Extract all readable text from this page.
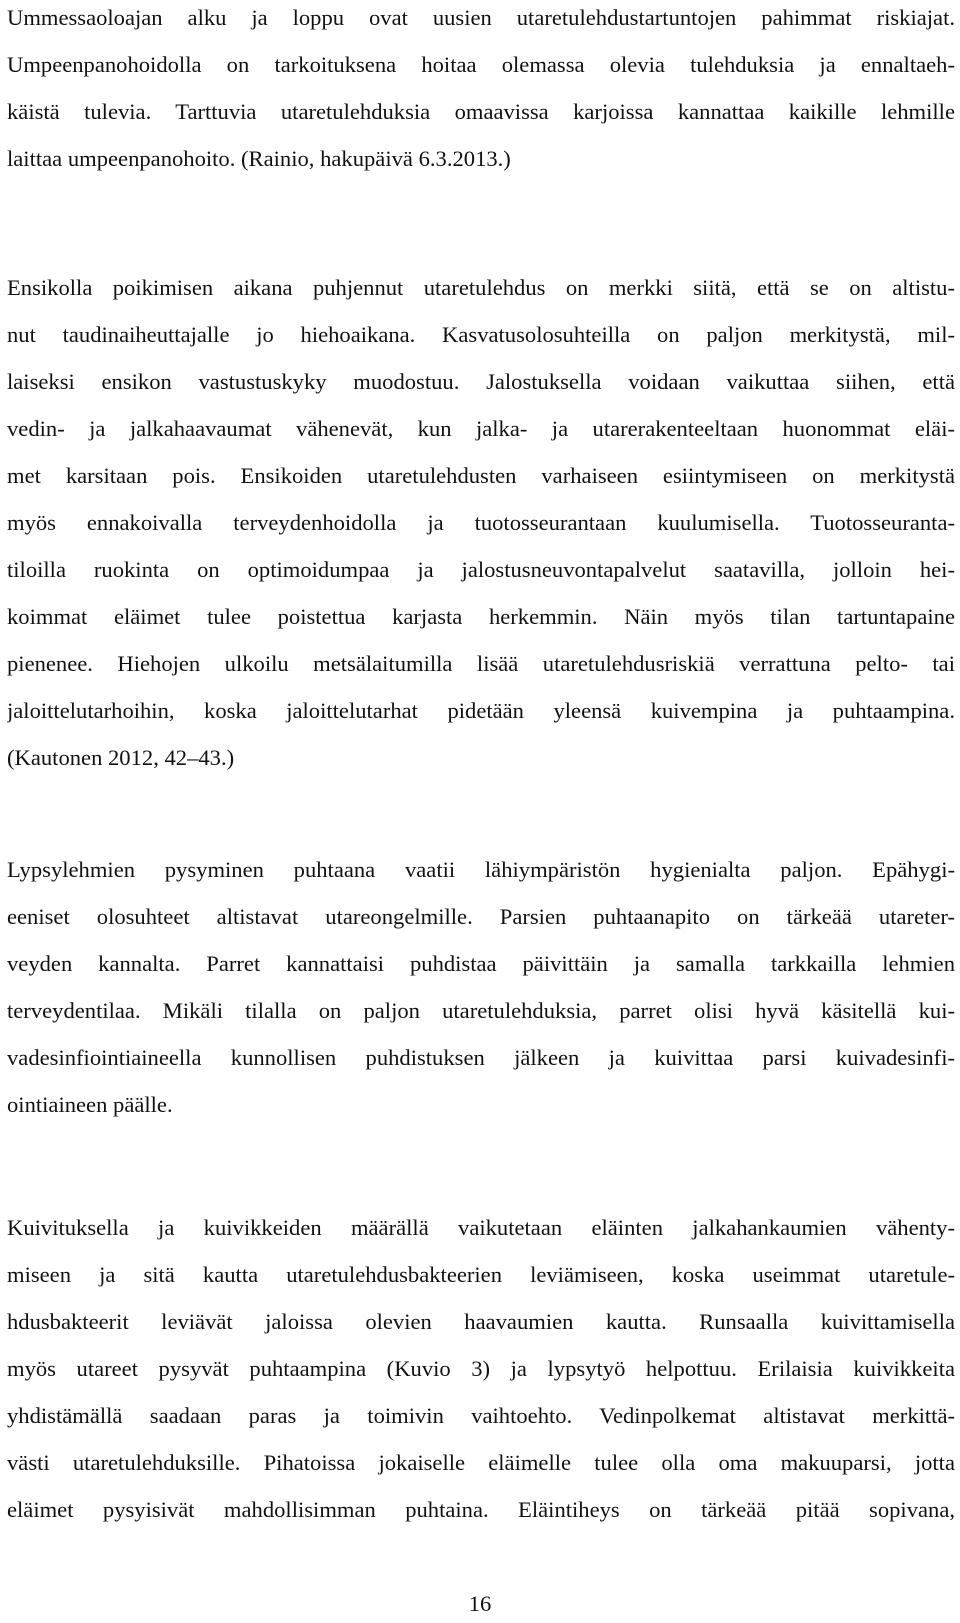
Ummessaoloajan alku ja loppu ovat uusien utaretulehdustartuntojen pahimmat riskiajat.
Umpeenpanohoidolla on tarkoituksena hoitaa olemassa olevia tulehduksia ja ennaltaeh-
käistä tulevia. Tarttuvia utaretulehduksia omaavissa karjoissa kannattaa kaikille lehmille
laittaa umpeenpanohoito. (Rainio, hakupäivä 6.3.2013.)
Ensikolla poikimisen aikana puhjennut utaretulehdus on merkki siitä, että se on altistu-
nut taudinaiheuttajalle jo hiehoaikana. Kasvatusolosuhteilla on paljon merkitystä, mil-
laiseksi ensikon vastustuskyky muodostuu. Jalostuksella voidaan vaikuttaa siihen, että
vedin- ja jalkahaavaumat vähenevät, kun jalka- ja utarerakenteeltaan huonommat eläi-
met karsitaan pois. Ensikoiden utaretulehdusten varhaiseen esiintymiseen on merkitystä
myös ennakoivalla terveydenhoidolla ja tuotosseurantaan kuulumisella. Tuotosseuranta-
tiloilla ruokinta on optimoidumpaa ja jalostusneuvontapalvelut saatavilla, jolloin hei-
koimmat eläimet tulee poistettua karjasta herkemmin. Näin myös tilan tartuntapaine
pienenee. Hiehojen ulkoilu metsälaitumilla lisää utaretulehdusriskiä verrattuna pelto- tai
jaloittelutarhoihin, koska jaloittelutarhat pidetään yleensä kuivempina ja puhtaampina.
(Kautonen 2012, 42–43.)
Lypsylehmien pysyminen puhtaana vaatii lähiympäristön hygienialta paljon. Epähygi-
eeniset olosuhteet altistavat utareongelmille. Parsien puhtaanapito on tärkeää utareter-
veyden kannalta. Parret kannattaisi puhdistaa päivittäin ja samalla tarkkailla lehmien
terveydentilaa. Mikäli tilalla on paljon utaretulehduksia, parret olisi hyvä käsitellä kui-
vadesinfiointiaineella kunnollisen puhdistuksen jälkeen ja kuivittaa parsi kuivadesinfi-
ointiaineen päälle.
Kuivituksella ja kuivikkeiden määrällä vaikutetaan eläinten jalkahankaumien vähenty-
miseen ja sitä kautta utaretulehdusbakteerien leviämiseen, koska useimmat utaretule-
hdusbakteerit leviävät jaloissa olevien haavaumien kautta. Runsaalla kuivittamisella
myös utareet pysyvät puhtaampina (Kuvio 3) ja lypsytyö helpottuu. Erilaisia kuivikkeita
yhdistämällä saadaan paras ja toimivin vaihtoehto. Vedinpolkemat altistavat merkittä-
västi utaretulehduksille. Pihatoissa jokaiselle eläimelle tulee olla oma makuuparsi, jotta
eläimet pysyisivät mahdollisimman puhtaina. Eläintiheys on tärkeää pitää sopivana,
16
